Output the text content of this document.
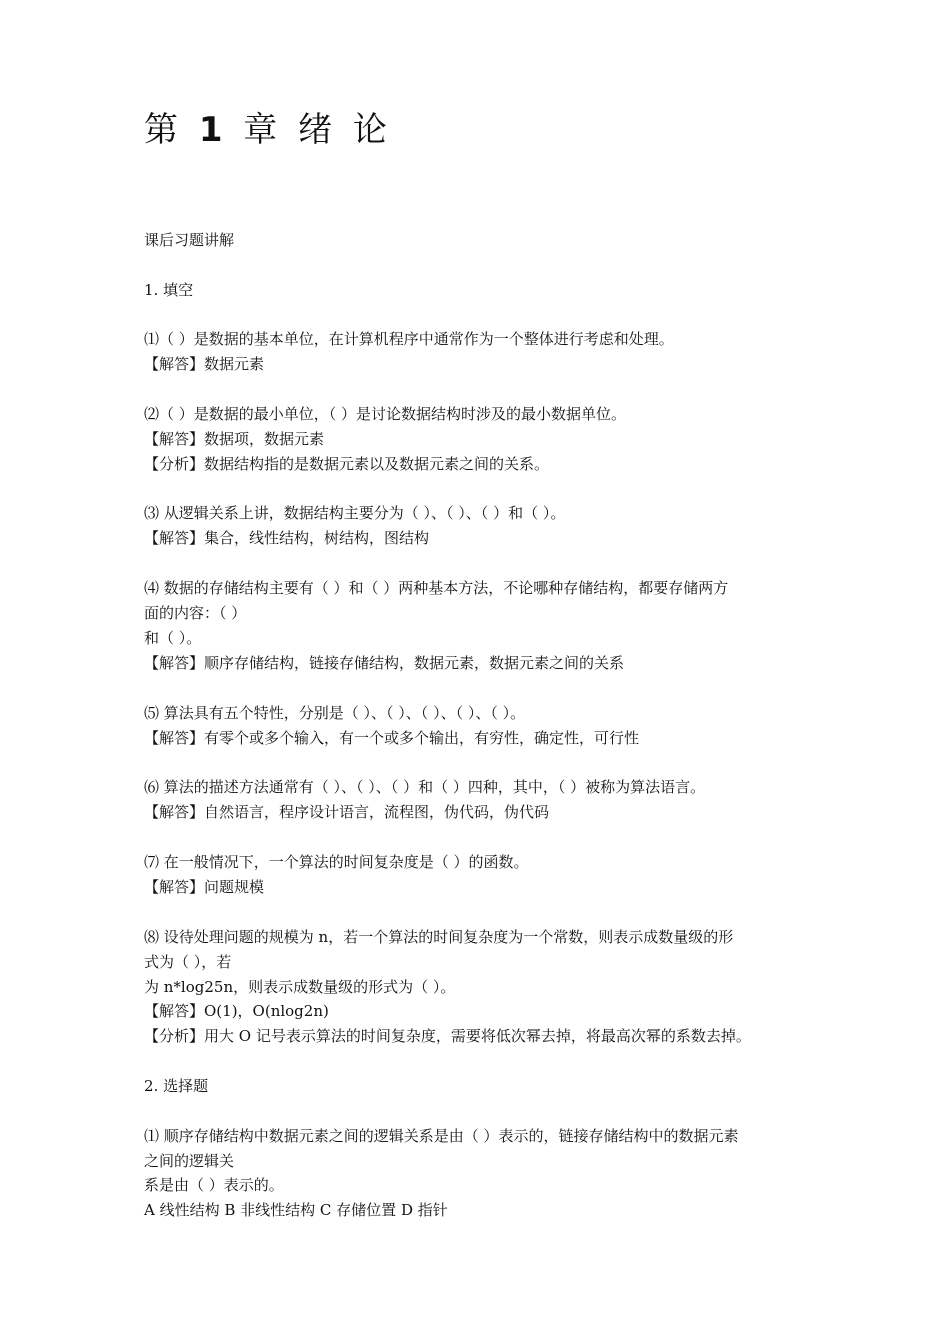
第 1 章 绪 论
课后习题讲解
1. 填空
⑴（ ）是数据的基本单位，在计算机程序中通常作为一个整体进行考虑和处理。
【解答】数据元素
⑵（ ）是数据的最小单位，（ ）是讨论数据结构时涉及的最小数据单位。
【解答】数据项，数据元素
【分析】数据结构指的是数据元素以及数据元素之间的关系。
⑶ 从逻辑关系上讲，数据结构主要分为（ ）、（ ）、（ ）和（ ）。
【解答】集合，线性结构，树结构，图结构
⑷ 数据的存储结构主要有（ ）和（ ）两种基本方法，不论哪种存储结构，都要存储两方
面的内容：（ ）
和（ ）。
【解答】顺序存储结构，链接存储结构，数据元素，数据元素之间的关系
⑸ 算法具有五个特性，分别是（ ）、（ ）、（ ）、（ ）、（ ）。
【解答】有零个或多个输入，有一个或多个输出，有穷性，确定性，可行性
⑹ 算法的描述方法通常有（ ）、（ ）、（ ）和（ ）四种，其中，（ ）被称为算法语言。
【解答】自然语言，程序设计语言，流程图，伪代码，伪代码
⑺ 在一般情况下，一个算法的时间复杂度是（ ）的函数。
【解答】问题规模
⑻ 设待处理问题的规模为 n，若一个算法的时间复杂度为一个常数，则表示成数量级的形
式为（ ），若
为 n*log25n，则表示成数量级的形式为（ ）。
【解答】Ο(1)，Ο(nlog2n)
【分析】用大 O 记号表示算法的时间复杂度，需要将低次幂去掉，将最高次幂的系数去掉。
2. 选择题
⑴ 顺序存储结构中数据元素之间的逻辑关系是由（ ）表示的，链接存储结构中的数据元素
之间的逻辑关
系是由（ ）表示的。
A 线性结构 B 非线性结构 C 存储位置 D 指针
